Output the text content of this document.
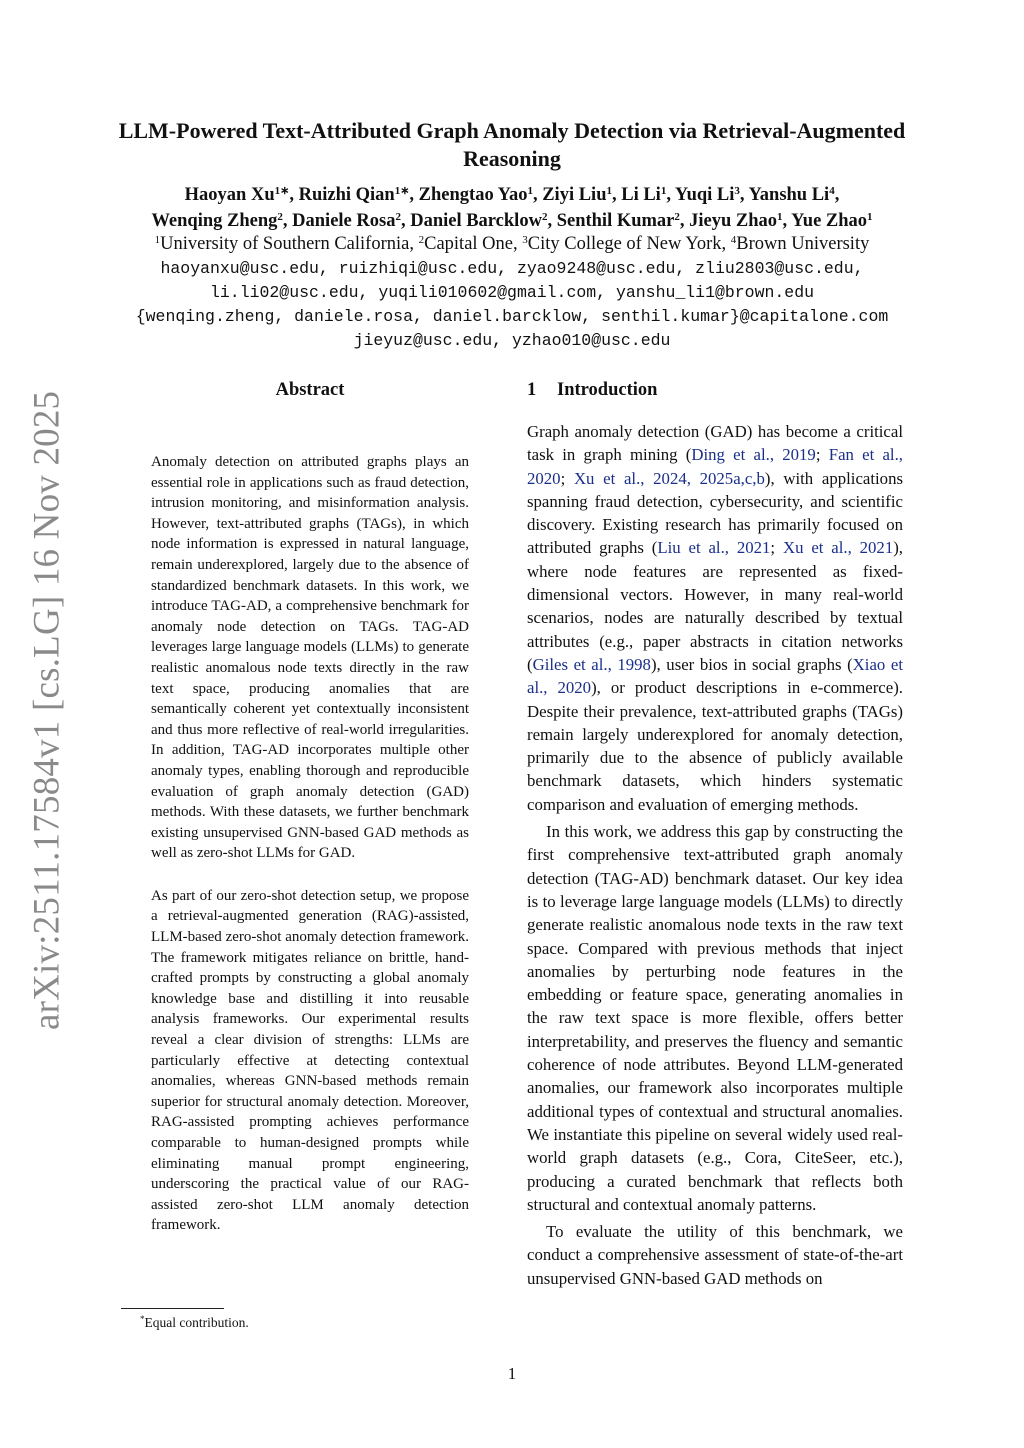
arXiv:2511.17584v1 [cs.LG] 16 Nov 2025
LLM-Powered Text-Attributed Graph Anomaly Detection via Retrieval-Augmented Reasoning
Haoyan $Xu^{1∗}$, Ruizhi Qian$^{1∗}$, Zhengtao Yao$^1$, Ziyi Liu$^1$, Li Li$^1$, Yuqi Li$^3$, Yanshu Li$^4$,
Wenqing Zheng$^2$, Daniele Rosa$^2$, Daniel Barcklow$^2$, Senthil Kumar$^2$, Jieyu Zhao$^1$, Yue Zhao$^1$
$^1$University of Southern California, $^2$Capital One, $^3$City College of New York, $^4$Brown University
haoyanxu@usc.edu, ruizhiqi@usc.edu, zyao9248@usc.edu, zliu2803@usc.edu,
li.li02@usc.edu, yuqili010602@gmail.com, yanshu_li1@brown.edu
{wenqing.zheng, daniele.rosa, daniel.barcklow, senthil.kumar}@capitalone.com
jieyuz@usc.edu, yzhao010@usc.edu
Abstract

Anomaly detection on attributed graphs plays an essential role in applications such as fraud detection, intrusion monitoring, and misinformation analysis. However, text-attributed graphs (TAGs), in which node information is expressed in natural language, remain underexplored, largely due to the absence of standardized benchmark datasets. In this work, we introduce TAG-AD, a comprehensive benchmark for anomaly node detection on TAGs. TAG-AD leverages large language models (LLMs) to generate realistic anomalous node texts directly in the raw text space, producing anomalies that are semantically coherent yet contextually inconsistent and thus more reflective of real-world irregularities. In addition, TAG-AD incorporates multiple other anomaly types, enabling thorough and reproducible evaluation of graph anomaly detection (GAD) methods. With these datasets, we further benchmark existing unsupervised GNN-based GAD methods as well as zero-shot LLMs for GAD.

As part of our zero-shot detection setup, we propose a retrieval-augmented generation (RAG)-assisted, LLM-based zero-shot anomaly detection framework. The framework mitigates reliance on brittle, hand-crafted prompts by constructing a global anomaly knowledge base and distilling it into reusable analysis frameworks. Our experimental results reveal a clear division of strengths: LLMs are particularly effective at detecting contextual anomalies, whereas GNN-based methods remain superior for structural anomaly detection. Moreover, RAG-assisted prompting achieves performance comparable to human-designed prompts while eliminating manual prompt engineering, underscoring the practical value of our RAG-assisted zero-shot LLM anomaly detection framework.

*Equal contribution.
1 Introduction

Graph anomaly detection (GAD) has become a critical task in graph mining (Ding et al., 2019; Fan et al., 2020; Xu et al., 2024, 2025a,c,b), with applications spanning fraud detection, cybersecurity, and scientific discovery. Existing research has primarily focused on attributed graphs (Liu et al., 2021; Xu et al., 2021), where node features are represented as fixed-dimensional vectors. However, in many real-world scenarios, nodes are naturally described by textual attributes (e.g., paper abstracts in citation networks (Giles et al., 1998), user bios in social graphs (Xiao et al., 2020), or product descriptions in e-commerce). Despite their prevalence, text-attributed graphs (TAGs) remain largely underexplored for anomaly detection, primarily due to the absence of publicly available benchmark datasets, which hinders systematic comparison and evaluation of emerging methods.

In this work, we address this gap by constructing the first comprehensive text-attributed graph anomaly detection (TAG-AD) benchmark dataset. Our key idea is to leverage large language models (LLMs) to directly generate realistic anomalous node texts in the raw text space. Compared with previous methods that inject anomalies by perturbing node features in the embedding or feature space, generating anomalies in the raw text space is more flexible, offers better interpretability, and preserves the fluency and semantic coherence of node attributes. Beyond LLM-generated anomalies, our framework also incorporates multiple additional types of contextual and structural anomalies. We instantiate this pipeline on several widely used real-world graph datasets (e.g., Cora, CiteSeer, etc.), producing a curated benchmark that reflects both structural and contextual anomaly patterns.

To evaluate the utility of this benchmark, we conduct a comprehensive assessment of state-of-the-art unsupervised GNN-based GAD methods on

1
